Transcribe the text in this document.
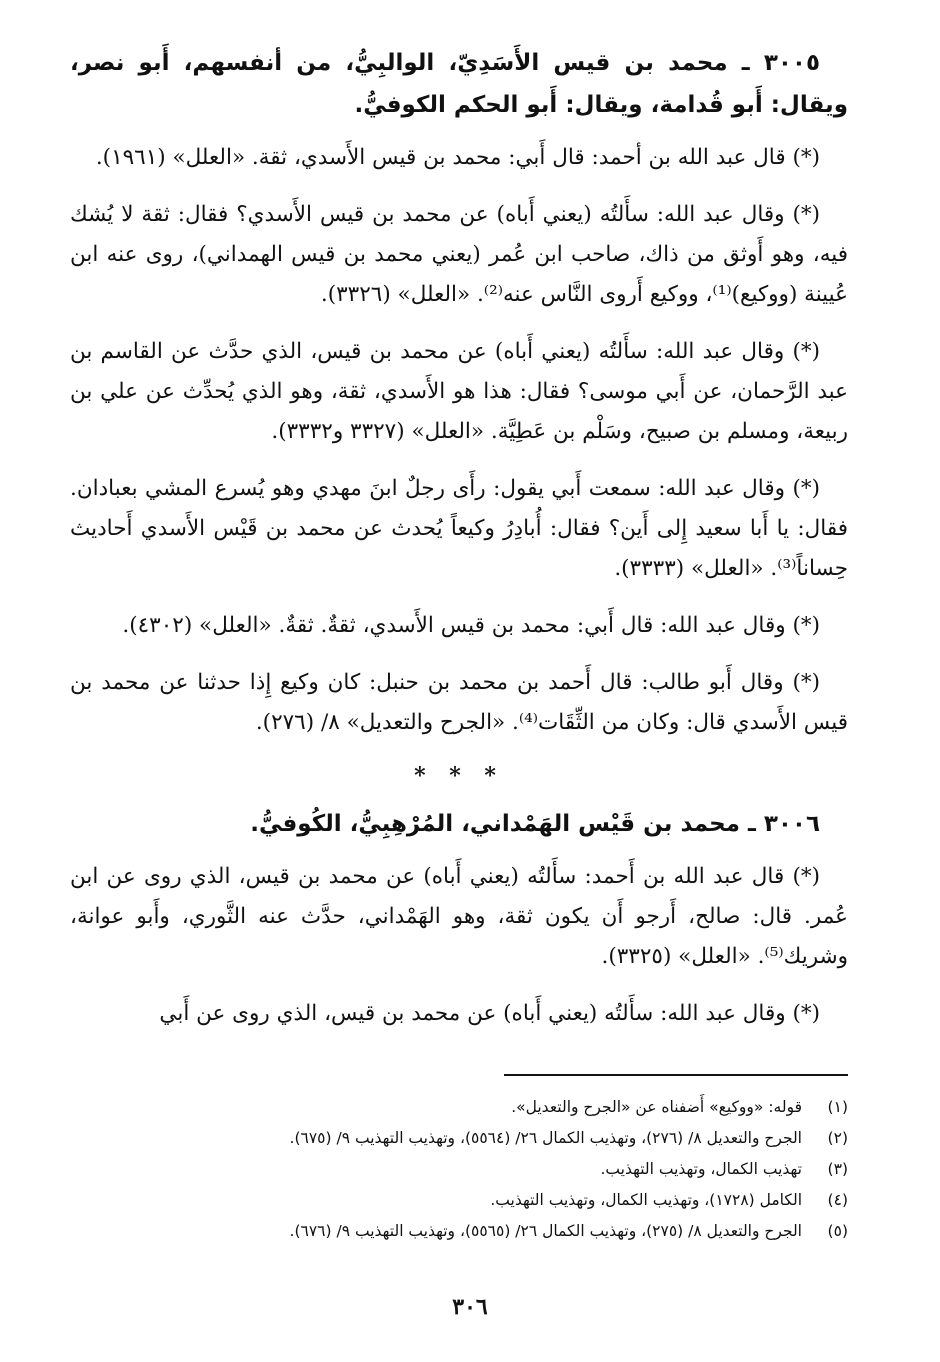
٣٠٠٥ ـ محمد بن قيس الأَسَدِيّ، الوالبِيُّ، من أنفسهم، أَبو نصر، ويقال: أَبو قُدامة، ويقال: أَبو الحكم الكوفيُّ.

(*) قال عبد الله بن أحمد: قال أَبي: محمد بن قيس الأَسدي، ثقة. «العلل» (١٩٦١).

(*) وقال عبد الله: سأَلتُه (يعني أَباه) عن محمد بن قيس الأَسدي؟ فقال: ثقة لا يُشك فيه، وهو أَوثق من ذاك، صاحب ابن عُمر (يعني محمد بن قيس الهمداني)، روى عنه ابن عُيينة (ووكيع)⁽¹⁾، ووكيع أَروى النَّاس عنه⁽²⁾. «العلل» (٣٣٢٦).

(*) وقال عبد الله: سأَلتُه (يعني أَباه) عن محمد بن قيس، الذي حدَّث عن القاسم بن عبد الرَّحمان، عن أَبي موسى؟ فقال: هذا هو الأَسدي، ثقة، وهو الذي يُحدِّث عن علي بن ربيعة، ومسلم بن صبيح، وسَلْم بن عَطِيَّة. «العلل» (٣٣٢٧ و٣٣٣٢).

(*) وقال عبد الله: سمعت أَبي يقول: رأَى رجلٌ ابنَ مهدي وهو يُسرع المشي بعبادان. فقال: يا أَبا سعيد إِلى أَين؟ فقال: أُبادِرُ وكيعاً يُحدث عن محمد بن قَيْس الأَسدي أَحاديث حِساناً⁽³⁾. «العلل» (٣٣٣٣).

(*) وقال عبد الله: قال أَبي: محمد بن قيس الأَسدي، ثقةٌ. ثقةٌ. «العلل» (٤٣٠٢).

(*) وقال أَبو طالب: قال أَحمد بن محمد بن حنبل: كان وكيع إِذا حدثنا عن محمد بن قيس الأَسدي قال: وكان من الثِّقَات⁽⁴⁾. «الجرح والتعديل» ٨/ (٢٧٦).

* * *
٣٠٠٦ ـ محمد بن قَيْس الهَمْداني، المُرْهِبِيُّ، الكُوفيُّ.

(*) قال عبد الله بن أَحمد: سأَلتُه (يعني أَباه) عن محمد بن قيس، الذي روى عن ابن عُمر. قال: صالح، أَرجو أَن يكون ثقة، وهو الهَمْداني، حدَّث عنه الثَّوري، وأَبو عوانة، وشريك⁽⁵⁾. «العلل» (٣٣٢٥).

(*) وقال عبد الله: سأَلتُه (يعني أَباه) عن محمد بن قيس، الذي روى عن أَبي

(١)
قوله: «ووكيع» أَضفناه عن «الجرح والتعديل».
(٢)
الجرح والتعديل ٨/ (٢٧٦)، وتهذيب الكمال ٢٦/ (٥٥٦٤)، وتهذيب التهذيب ٩/ (٦٧٥).
(٣)
تهذيب الكمال، وتهذيب التهذيب.
(٤)
الكامل (١٧٢٨)، وتهذيب الكمال، وتهذيب التهذيب.
(٥)
الجرح والتعديل ٨/ (٢٧٥)، وتهذيب الكمال ٢٦/ (٥٥٦٥)، وتهذيب التهذيب ٩/ (٦٧٦).
٣٠٦
